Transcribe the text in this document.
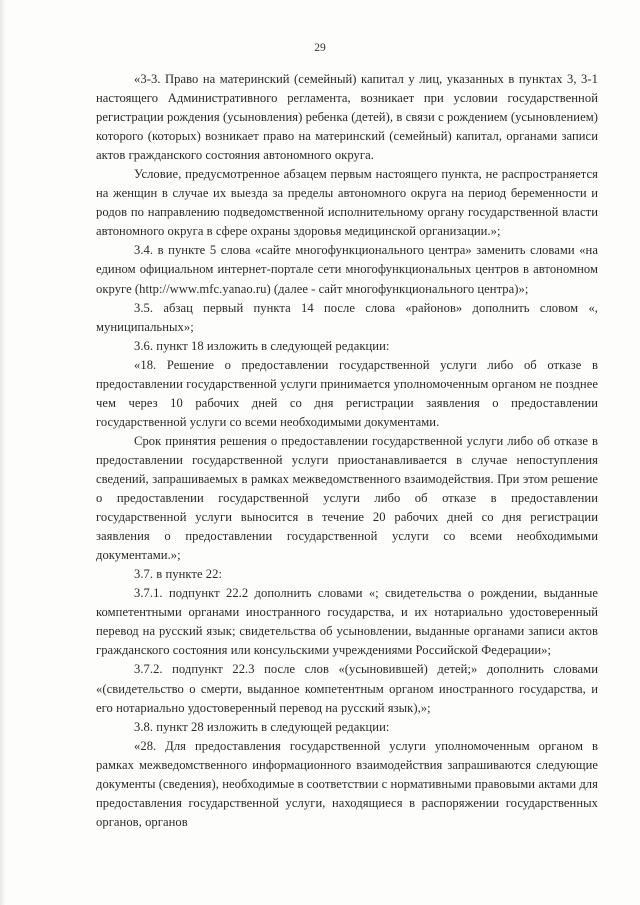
29

«3-3. Право на материнский (семейный) капитал у лиц, указанных в пунктах 3, 3-1 настоящего Административного регламента, возникает при условии государственной регистрации рождения (усыновления) ребенка (детей), в связи с рождением (усыновлением) которого (которых) возникает право на материнский (семейный) капитал, органами записи актов гражданского состояния автономного округа.

Условие, предусмотренное абзацем первым настоящего пункта, не распространяется на женщин в случае их выезда за пределы автономного округа на период беременности и родов по направлению подведомственной исполнительному органу государственной власти автономного округа в сфере охраны здоровья медицинской организации.»;

3.4. в пункте 5 слова «сайте многофункционального центра» заменить словами «на едином официальном интернет-портале сети многофункциональных центров в автономном округе (http://www.mfc.yanao.ru) (далее - сайт многофункционального центра)»;

3.5. абзац первый пункта 14 после слова «районов» дополнить словом «, муниципальных»;

3.6. пункт 18 изложить в следующей редакции:

«18. Решение о предоставлении государственной услуги либо об отказе в предоставлении государственной услуги принимается уполномоченным органом не позднее чем через 10 рабочих дней со дня регистрации заявления о предоставлении государственной услуги со всеми необходимыми документами.

Срок принятия решения о предоставлении государственной услуги либо об отказе в предоставлении государственной услуги приостанавливается в случае непоступления сведений, запрашиваемых в рамках межведомственного взаимодействия. При этом решение о предоставлении государственной услуги либо об отказе в предоставлении государственной услуги выносится в течение 20 рабочих дней со дня регистрации заявления о предоставлении государственной услуги со всеми необходимыми документами.»;

3.7. в пункте 22:

3.7.1. подпункт 22.2 дополнить словами «; свидетельства о рождении, выданные компетентными органами иностранного государства, и их нотариально удостоверенный перевод на русский язык; свидетельства об усыновлении, выданные органами записи актов гражданского состояния или консульскими учреждениями Российской Федерации»;

3.7.2. подпункт 22.3 после слов «(усыновившей) детей;» дополнить словами «(свидетельство о смерти, выданное компетентным органом иностранного государства, и его нотариально удостоверенный перевод на русский язык),»;

3.8. пункт 28 изложить в следующей редакции:

«28. Для предоставления государственной услуги уполномоченным органом в рамках межведомственного информационного взаимодействия запрашиваются следующие документы (сведения), необходимые в соответствии с нормативными правовыми актами для предоставления государственной услуги, находящиеся в распоряжении государственных органов, органов
